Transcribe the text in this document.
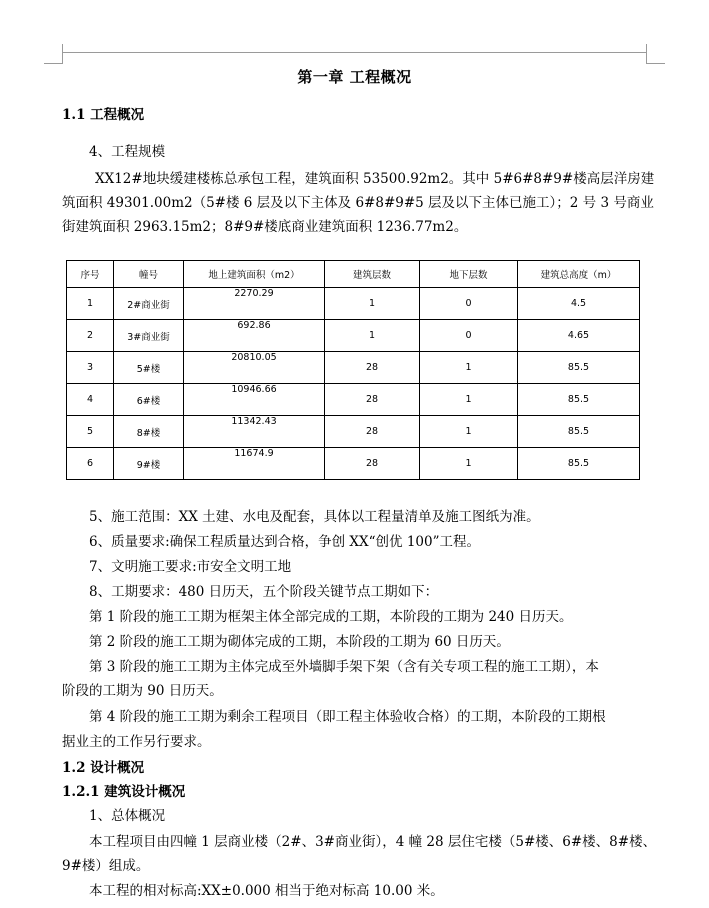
第一章 工程概况
1.1 工程概况
4、工程规模
XX12#地块缓建楼栋总承包工程，建筑面积 53500.92m2。其中 5#6#8#9#楼高层洋房建
筑面积 49301.00m2（5#楼 6 层及以下主体及 6#8#9#5 层及以下主体已施工）；2 号 3 号商业
街建筑面积 2963.15m2；8#9#楼底商业建筑面积 1236.77m2。
序号	幢号	地上建筑面积（m2）	建筑层数	地下层数	建筑总高度（m）
1	2#商业街	2270.29	1	0	4.5
2	3#商业街	692.86	1	0	4.65
3	5#楼	20810.05	28	1	85.5
4	6#楼	10946.66	28	1	85.5
5	8#楼	11342.43	28	1	85.5
6	9#楼	11674.9	28	1	85.5
5、施工范围：XX 土建、水电及配套，具体以工程量清单及施工图纸为准。
6、质量要求:确保工程质量达到合格，争创 XX“创优 100”工程。
7、文明施工要求:市安全文明工地
8、工期要求：480 日历天，五个阶段关键节点工期如下：
第 1 阶段的施工工期为框架主体全部完成的工期，本阶段的工期为 240 日历天。
第 2 阶段的施工工期为砌体完成的工期，本阶段的工期为 60 日历天。
第 3 阶段的施工工期为主体完成至外墙脚手架下架（含有关专项工程的施工工期），本
阶段的工期为 90 日历天。
第 4 阶段的施工工期为剩余工程项目（即工程主体验收合格）的工期，本阶段的工期根
据业主的工作另行要求。
1.2 设计概况
1.2.1 建筑设计概况
1、总体概况
本工程项目由四幢 1 层商业楼（2#、3#商业街），4 幢 28 层住宅楼（5#楼、6#楼、8#楼、
9#楼）组成。
本工程的相对标高:XX±0.000 相当于绝对标高 10.00 米。
